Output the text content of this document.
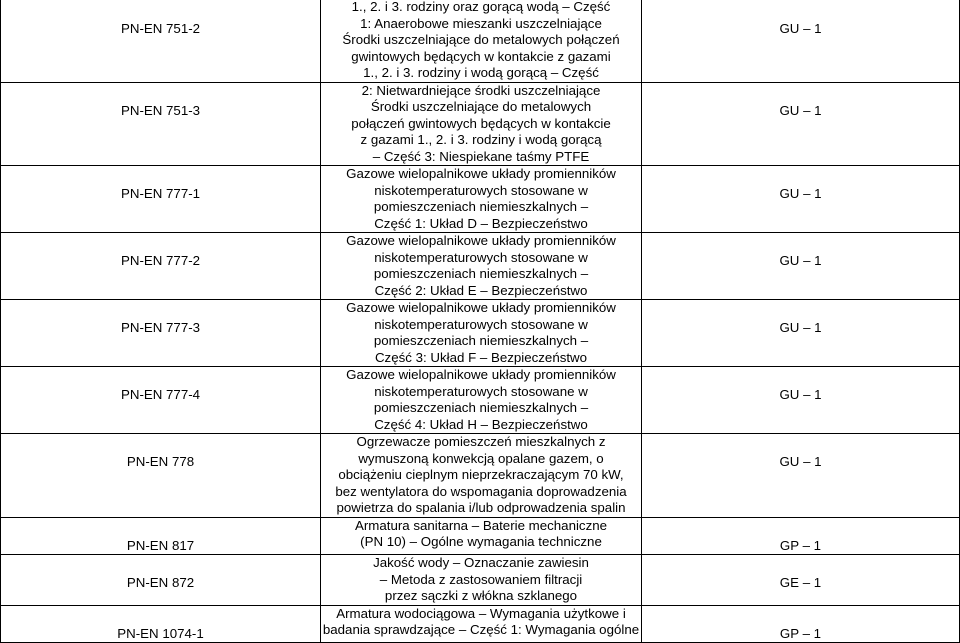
PN-EN 751-2	1., 2. i 3. rodziny oraz gorącą wodą – Część
1: Anaerobowe mieszanki uszczelniające
Środki uszczelniające do metalowych połączeń
gwintowych będących w kontakcie z gazami
1., 2. i 3. rodziny i wodą gorącą – Część	GU – 1
PN-EN 751-3	2: Nietwardniejące środki uszczelniające
Środki uszczelniające do metalowych
połączeń gwintowych będących w kontakcie
z gazami 1., 2. i 3. rodziny i wodą gorącą
– Część 3: Niespiekane taśmy PTFE	GU – 1
PN-EN 777-1	Gazowe wielopalnikowe układy promienników
niskotemperaturowych stosowane w
pomieszczeniach niemieszkalnych –
Część 1: Układ D – Bezpieczeństwo	GU – 1
PN-EN 777-2	Gazowe wielopalnikowe układy promienników
niskotemperaturowych stosowane w
pomieszczeniach niemieszkalnych –
Część 2: Układ E – Bezpieczeństwo	GU – 1
PN-EN 777-3	Gazowe wielopalnikowe układy promienników
niskotemperaturowych stosowane w
pomieszczeniach niemieszkalnych –
Część 3: Układ F – Bezpieczeństwo	GU – 1
PN-EN 777-4	Gazowe wielopalnikowe układy promienników
niskotemperaturowych stosowane w
pomieszczeniach niemieszkalnych –
Część 4: Układ H – Bezpieczeństwo	GU – 1
PN-EN 778	Ogrzewacze pomieszczeń mieszkalnych z
wymuszoną konwekcją opalane gazem, o
obciążeniu cieplnym nieprzekraczającym 70 kW,
bez wentylatora do wspomagania doprowadzenia
powietrza do spalania i/lub odprowadzenia spalin	GU – 1
PN-EN 817	Armatura sanitarna – Baterie mechaniczne
(PN 10) – Ogólne wymagania techniczne	GP – 1
PN-EN 872	Jakość wody – Oznaczanie zawiesin
– Metoda z zastosowaniem filtracji
przez sączki z włókna szklanego	GE – 1
PN-EN 1074-1	Armatura wodociągowa – Wymagania użytkowe i
badania sprawdzające – Część 1: Wymagania ogólne	GP – 1
